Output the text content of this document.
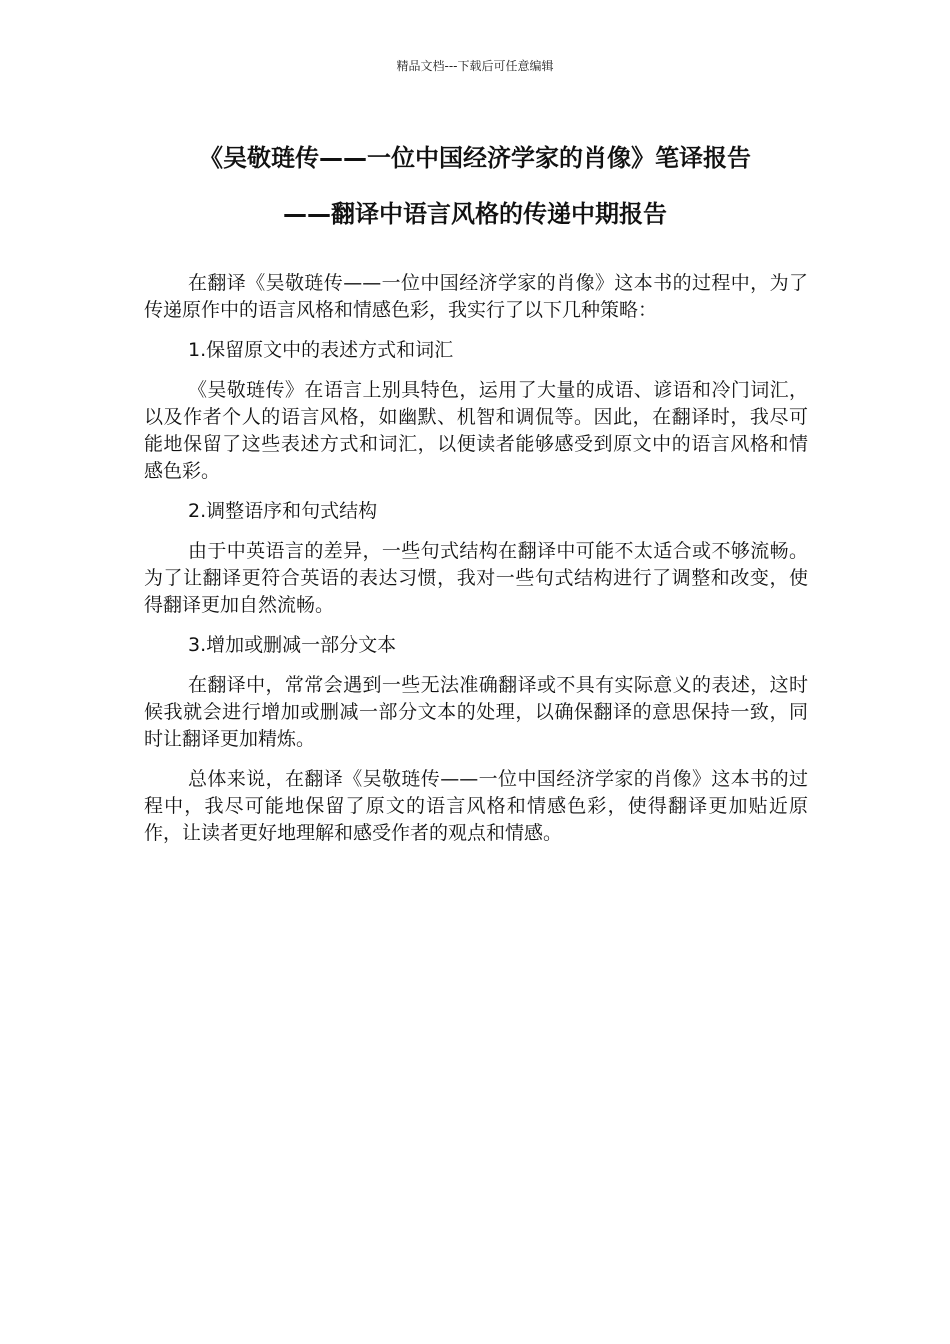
精品文档---下载后可任意编辑
《吴敬琏传——一位中国经济学家的肖像》笔译报告
——翻译中语言风格的传递中期报告

在翻译《吴敬琏传——一位中国经济学家的肖像》这本书的过程中，为了传递原作中的语言风格和情感色彩，我实行了以下几种策略：

1.保留原文中的表述方式和词汇

《吴敬琏传》在语言上别具特色，运用了大量的成语、谚语和冷门词汇，以及作者个人的语言风格，如幽默、机智和调侃等。因此，在翻译时，我尽可能地保留了这些表述方式和词汇，以便读者能够感受到原文中的语言风格和情感色彩。

2.调整语序和句式结构

由于中英语言的差异，一些句式结构在翻译中可能不太适合或不够流畅。为了让翻译更符合英语的表达习惯，我对一些句式结构进行了调整和改变，使得翻译更加自然流畅。

3.增加或删减一部分文本

在翻译中，常常会遇到一些无法准确翻译或不具有实际意义的表述，这时候我就会进行增加或删减一部分文本的处理，以确保翻译的意思保持一致，同时让翻译更加精炼。

总体来说，在翻译《吴敬琏传——一位中国经济学家的肖像》这本书的过程中，我尽可能地保留了原文的语言风格和情感色彩，使得翻译更加贴近原作，让读者更好地理解和感受作者的观点和情感。
